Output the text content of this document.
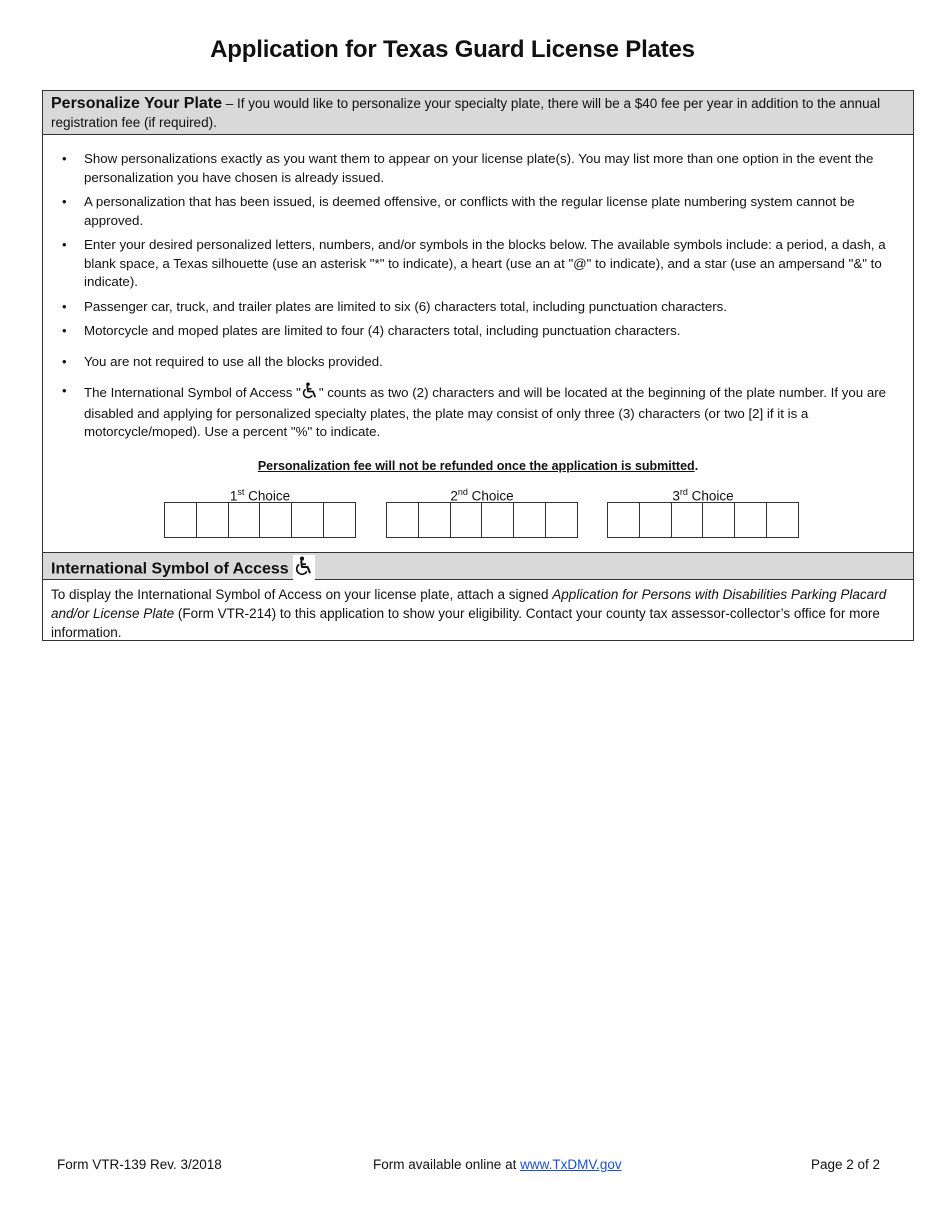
Application for Texas Guard License Plates
Personalize Your Plate – If you would like to personalize your specialty plate, there will be a $40 fee per year in addition to the annual registration fee (if required).
• Show personalizations exactly as you want them to appear on your license plate(s). You may list more than one option in the event the personalization you have chosen is already issued.
• A personalization that has been issued, is deemed offensive, or conflicts with the regular license plate numbering system cannot be approved.
• Enter your desired personalized letters, numbers, and/or symbols in the blocks below. The available symbols include: a period, a dash, a blank space, a Texas silhouette (use an asterisk "*" to indicate), a heart (use an at "@" to indicate), and a star (use an ampersand "&" to indicate).
• Passenger car, truck, and trailer plates are limited to six (6) characters total, including punctuation characters.
• Motorcycle and moped plates are limited to four (4) characters total, including punctuation characters.
• You are not required to use all the blocks provided.
• The International Symbol of Access " " counts as two (2) characters and will be located at the beginning of the plate number. If you are disabled and applying for personalized specialty plates, the plate may consist of only three (3) characters (or two [2] if it is a motorcycle/moped). Use a percent "%" to indicate.
Personalization fee will not be refunded once the application is submitted.
1st Choice	2nd Choice	3rd Choice
International Symbol of Access
To display the International Symbol of Access on your license plate, attach a signed Application for Persons with Disabilities Parking Placard and/or License Plate (Form VTR-214) to this application to show your eligibility. Contact your county tax assessor-collector’s office for more information.
Form VTR-139 Rev. 3/2018	Form available online at www.TxDMV.gov	Page 2 of 2
